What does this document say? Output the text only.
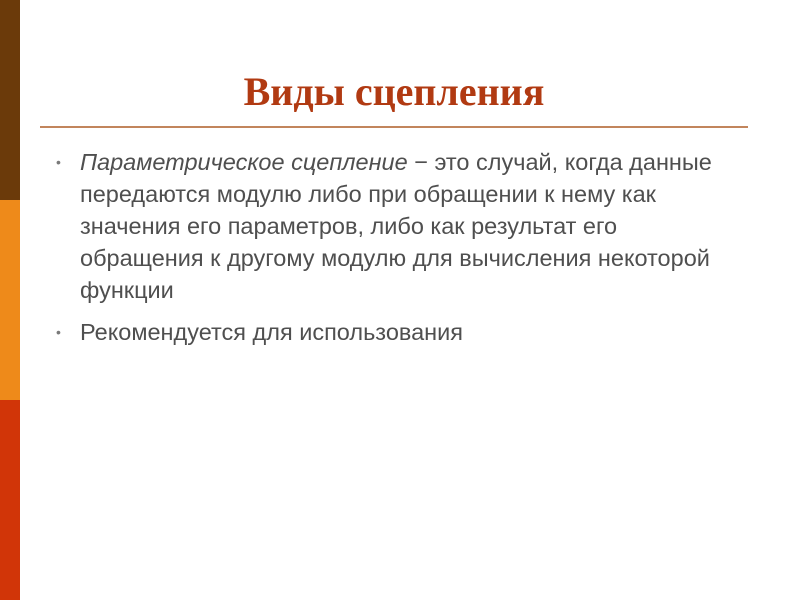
Виды сцепления
• Параметрическое сцепление − это случай, когда данные передаются модулю либо при обращении к нему как значения его параметров, либо как результат его обращения к другому модулю для вычисления некоторой функции
• Рекомендуется для использования
